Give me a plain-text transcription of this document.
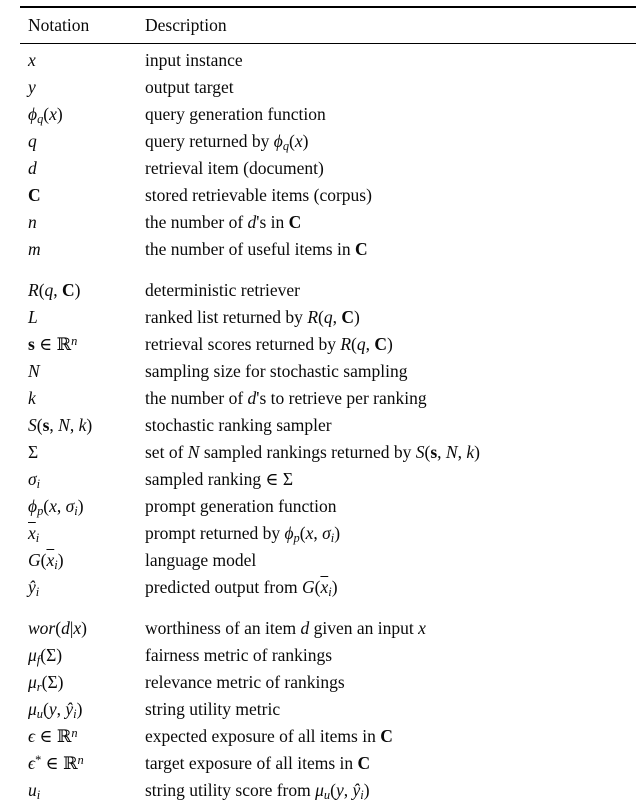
Notation	Description
x	input instance
y	output target
$\phi_q(x)$	query generation function
q	query returned by $\phi_q(x)$
d	retrieval item (document)
C	stored retrievable items (corpus)
n	the number of d's in C
m	the number of useful items in C
R(q, C)	deterministic retriever
L	ranked list returned by R(q, C)
s ∈ ℝ$^n$	retrieval scores returned by R(q, C)
N	sampling size for stochastic sampling
k	the number of d's to retrieve per ranking
S(s, N, k)	stochastic ranking sampler
Σ	set of N sampled rankings returned by S(s, N, k)
$\sigma_i$	sampled ranking ∈ Σ
$\phi_p(x$, $\sigma_i$)	prompt generation function
$\overline{x}_i$	prompt returned by $\phi_p(x$, $\sigma_i$)
$G(\overline{x}_i)$	language model
$ŷ_i$	predicted output from $G(\overline{x}_i)$
wor(d|x)	worthiness of an item d given an input x
$\mu_f(\Sigma)$	fairness metric of rankings
$\mu_r(\Sigma)$	relevance metric of rankings
$\mu_u(y$, $ŷ_i$)	string utility metric
ϵ ∈ ℝ$^n$	expected exposure of all items in C
ϵ* ∈ ℝ$^n$	target exposure of all items in C
$u_i$	string utility score from $\mu_u(y$, $ŷ_i$)
